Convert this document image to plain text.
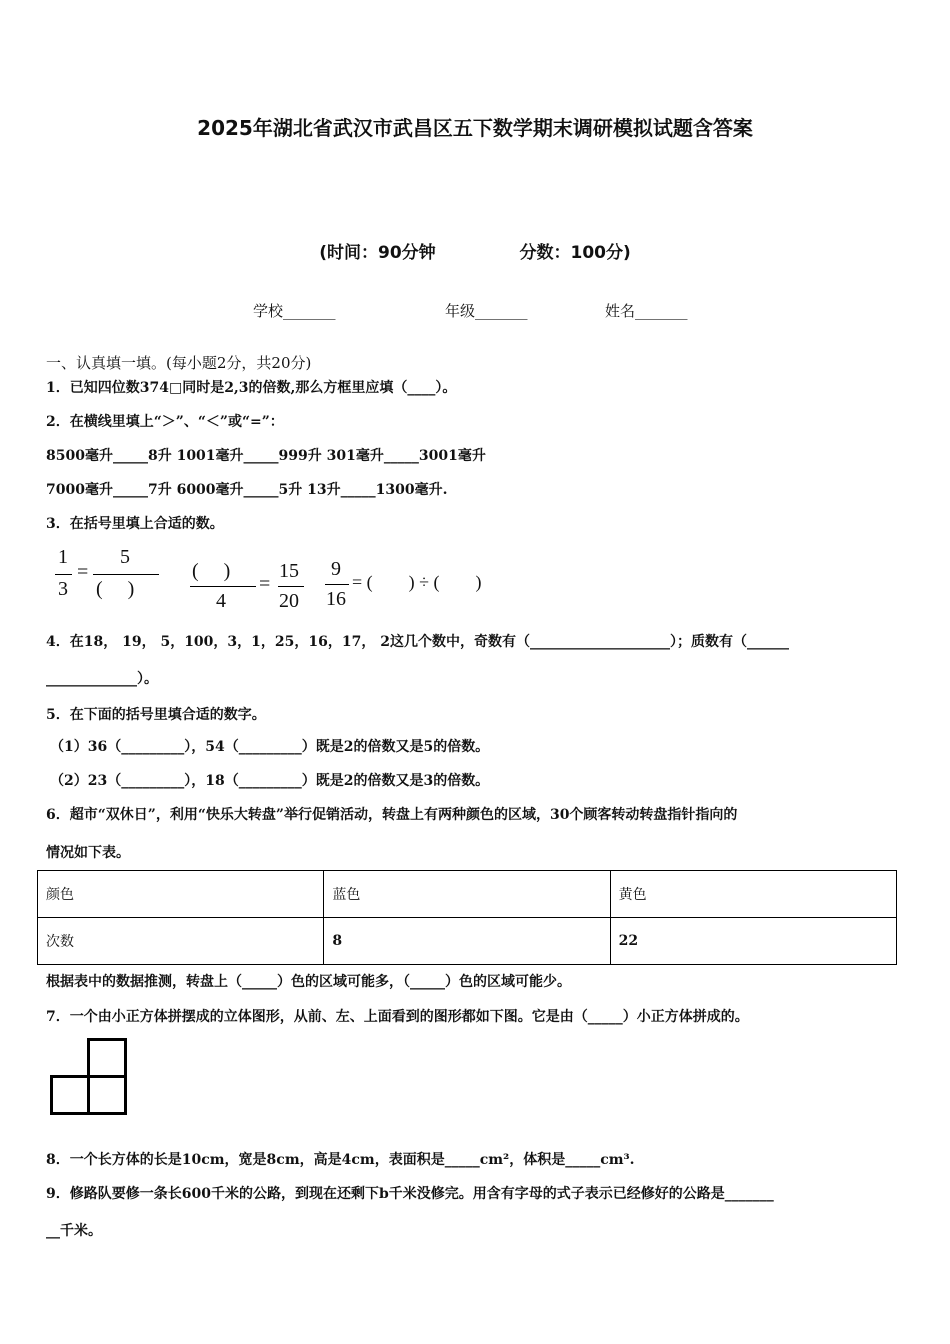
2025年湖北省武汉市武昌区五下数学期末调研模拟试题含答案
(时间：90分钟	分数：100分)
学校_______	年级_______	姓名_______
一、认真填一填。(每小题2分，共20分)
1．已知四位数374□同时是2,3的倍数,那么方框里应填（____）。
2．在横线里填上“＞”、“＜”或“=”：
8500毫升_____8升 1001毫升_____999升 301毫升_____3001毫升
7000毫升_____7升 6000毫升_____5升 13升_____1300毫升.
3．在括号里填上合适的数。
1
3
=
5
(     )
(     )
4
=
15
20
9
16
= (        ) ÷ (        )
4．在18， 19， 5，100，3，1，25，16，17， 2这几个数中，奇数有（____________________）；质数有（______
_____________）。
5．在下面的括号里填合适的数字。
（1）36（_________），54（_________）既是2的倍数又是5的倍数。
（2）23（_________），18（_________）既是2的倍数又是3的倍数。
6．超市“双休日”，利用“快乐大转盘”举行促销活动，转盘上有两种颜色的区域，30个顾客转动转盘指针指向的
情况如下表。
颜色	蓝色	黄色
次数	8	22
根据表中的数据推测，转盘上（_____）色的区域可能多，（_____）色的区域可能少。
7．一个由小正方体拼摆成的立体图形，从前、左、上面看到的图形都如下图。它是由（_____）小正方体拼成的。
8．一个长方体的长是10cm，宽是8cm，高是4cm，表面积是_____cm²，体积是_____cm³.
9．修路队要修一条长600千米的公路，到现在还剩下b千米没修完。用含有字母的式子表示已经修好的公路是_______
__千米。
